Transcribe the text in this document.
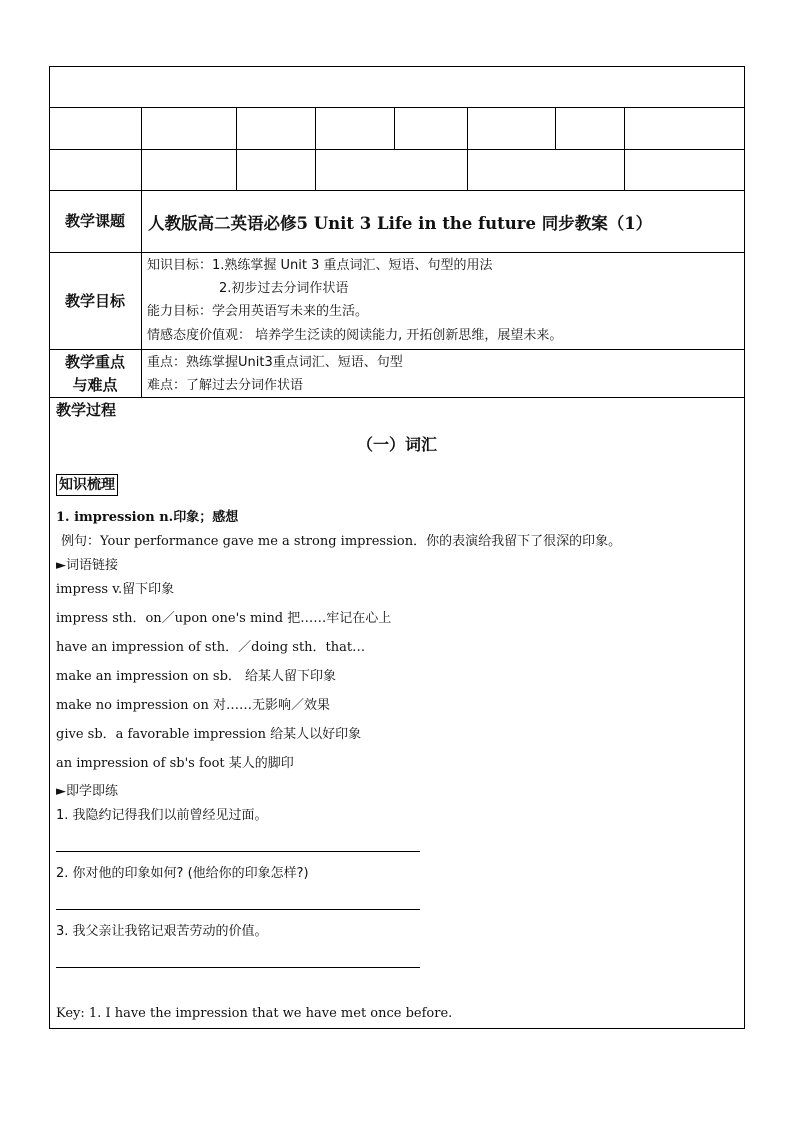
教学课题	人教版高二英语必修5 Unit 3 Life in the future 同步教案（1）
教学目标
知识目标：1.熟练掌握 Unit 3 重点词汇、短语、句型的用法
2.初步过去分词作状语
能力目标：学会用英语写未来的生活。
情感态度价值观： 培养学生泛读的阅读能力, 开拓创新思维，展望未来。
教学重点
与难点
重点：熟练掌握Unit3重点词汇、短语、句型
难点：了解过去分词作状语
教学过程
（一）词汇
知识梳理
1. impression n.印象；感想
例句：Your performance gave me a strong impression．你的表演给我留下了很深的印象。
►词语链接
impress v.留下印象
impress sth．on／upon one's mind 把……牢记在心上
have an impression of sth．／doing sth．that…
make an impression on sb． 给某人留下印象
make no impression on 对……无影响／效果
give sb．a favorable impression 给某人以好印象
an impression of sb's foot 某人的脚印
►即学即练
1. 我隐约记得我们以前曾经见过面。
2. 你对他的印象如何? (他给你的印象怎样?)
3. 我父亲让我铭记艰苦劳动的价值。
Key: 1. I have the impression that we have met once before.
